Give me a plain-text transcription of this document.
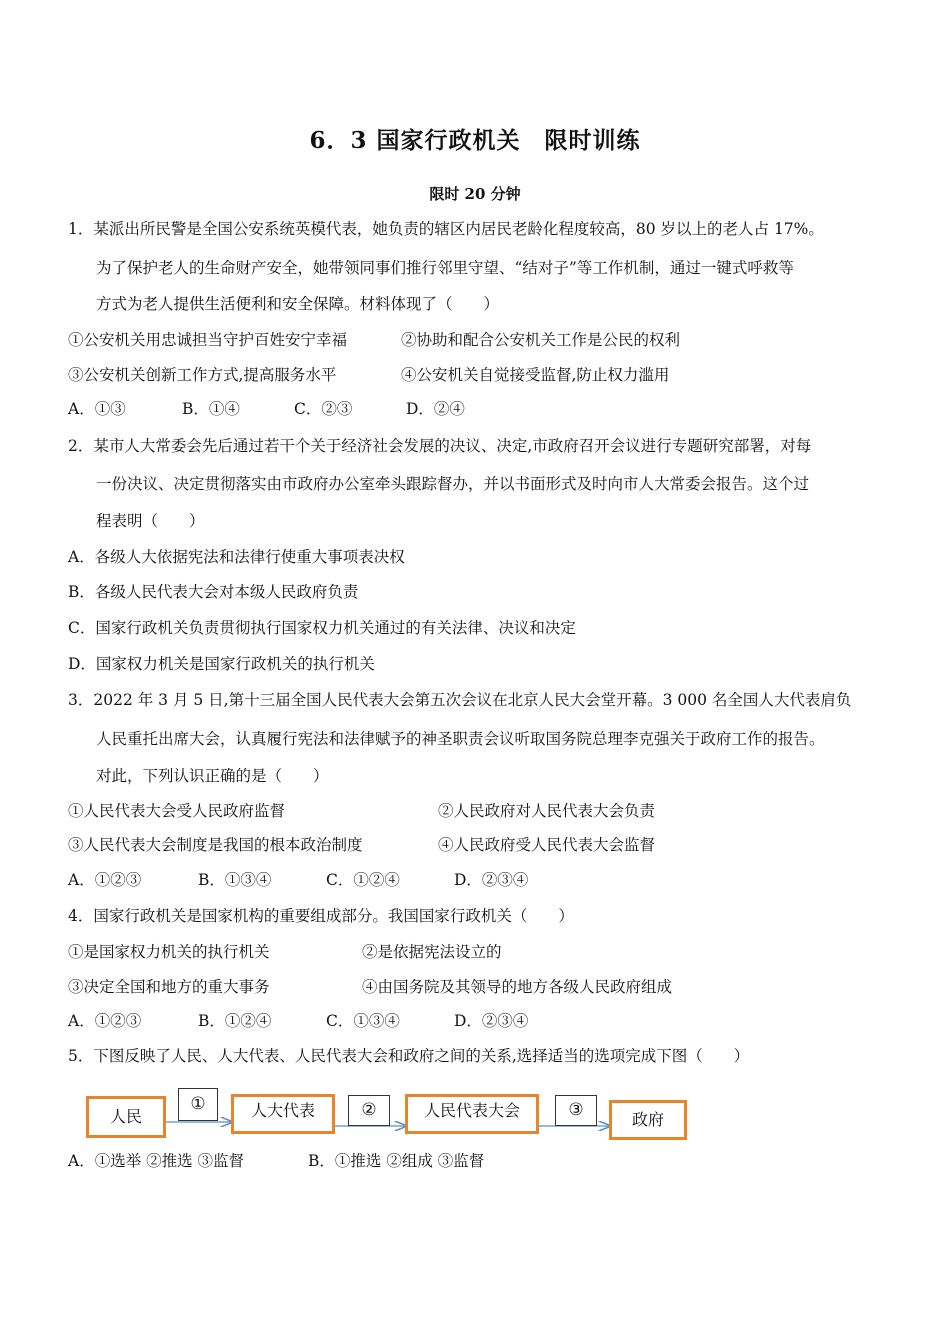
6．3 国家行政机关　限时训练
限时 20 分钟
1．某派出所民警是全国公安系统英模代表，她负责的辖区内居民老龄化程度较高，80 岁以上的老人占 17%。
为了保护老人的生命财产安全，她带领同事们推行邻里守望、“结对子”等工作机制，通过一键式呼救等
方式为老人提供生活便利和安全保障。材料体现了（　　）
①公安机关用忠诚担当守护百姓安宁幸福	②协助和配合公安机关工作是公民的权利
③公安机关创新工作方式,提高服务水平	④公安机关自觉接受监督,防止权力滥用
A．①③	B．①④	C．②③	D．②④
2．某市人大常委会先后通过若干个关于经济社会发展的决议、决定,市政府召开会议进行专题研究部署，对每
一份决议、决定贯彻落实由市政府办公室牵头跟踪督办，并以书面形式及时向市人大常委会报告。这个过
程表明（　　）
A．各级人大依据宪法和法律行使重大事项表决权
B．各级人民代表大会对本级人民政府负责
C．国家行政机关负责贯彻执行国家权力机关通过的有关法律、决议和决定
D．国家权力机关是国家行政机关的执行机关
3．2022 年 3 月 5 日,第十三届全国人民代表大会第五次会议在北京人民大会堂开幕。3 000 名全国人大代表肩负
人民重托出席大会，认真履行宪法和法律赋予的神圣职责会议听取国务院总理李克强关于政府工作的报告。
对此，下列认识正确的是（　　）
①人民代表大会受人民政府监督	②人民政府对人民代表大会负责
③人民代表大会制度是我国的根本政治制度	④人民政府受人民代表大会监督
A．①②③	B．①③④	C．①②④	D．②③④
4．国家行政机关是国家机构的重要组成部分。我国国家行政机关（　　）
①是国家权力机关的执行机关	②是依据宪法设立的
③决定全国和地方的重大事务	④由国务院及其领导的地方各级人民政府组成
A．①②③	B．①②④	C．①③④	D．②③④
5．下图反映了人民、人大代表、人民代表大会和政府之间的关系,选择适当的选项完成下图（　　）
人民	人大代表	人民代表大会	政府
①	②	③
A．①选举 ②推选 ③监督	B．①推选 ②组成 ③监督
